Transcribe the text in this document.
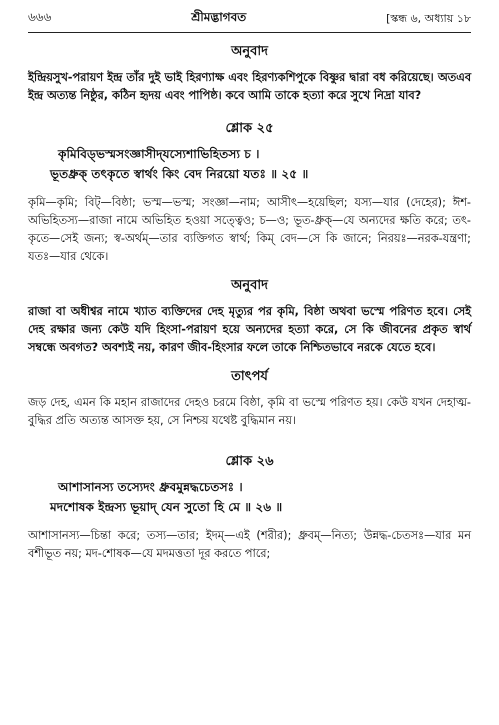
৬৬৬	শ্রীমদ্ভাগবত	[স্কন্ধ ৬, অধ্যায় ১৮
অনুবাদ

ইন্দ্রিয়সুখ-পরায়ণ ইন্দ্র তাঁর দুই ভাই হিরণ্যাক্ষ এবং হিরণ্যকশিপুকে বিষ্ণুর দ্বারা বধ করিয়েছে। অতএব ইন্দ্র অত্যন্ত নিষ্ঠুর, কঠিন হৃদয় এবং পাপিষ্ঠ। কবে আমি তাকে হত্যা করে সুখে নিদ্রা যাব?

শ্লোক ২৫
কৃমিবিড্ভস্মসংজ্ঞাসীদ্‌যস্যেশাভিহিতস্য চ ।
ভূতধ্রুক্ তৎকৃতে স্বার্থং কিং বেদ নিরয়ো যতঃ ॥ ২৫ ॥

কৃমি—কৃমি; বিট্—বিষ্ঠা; ভস্ম—ভস্ম; সংজ্ঞা—নাম; আসীৎ—হয়েছিল; যস্য—যার (দেহের); ঈশ-অভিহিতস্য—রাজা নামে অভিহিত হওয়া সত্ত্বেও; চ—ও; ভূত-ধ্রুক্—যে অন্যদের ক্ষতি করে; তৎ-কৃতে—সেই জন্য; স্ব-অর্থম্—তার ব্যক্তিগত স্বার্থ; কিম্ বেদ—সে কি জানে; নিরয়ঃ—নরক-যন্ত্রণা; যতঃ—যার থেকে।

অনুবাদ

রাজা বা অধীশ্বর নামে খ্যাত ব্যক্তিদের দেহ মৃত্যুর পর কৃমি, বিষ্ঠা অথবা ভস্মে পরিণত হবে। সেই দেহ রক্ষার জন্য কেউ যদি হিংসা-পরায়ণ হয়ে অন্যদের হত্যা করে, সে কি জীবনের প্রকৃত স্বার্থ সম্বন্ধে অবগত? অবশ্যই নয়, কারণ জীব-হিংসার ফলে তাকে নিশ্চিতভাবে নরকে যেতে হবে।

তাৎপর্য

জড় দেহ, এমন কি মহান রাজাদের দেহও চরমে বিষ্ঠা, কৃমি বা ভস্মে পরিণত হয়। কেউ যখন দেহাত্ম-বুদ্ধির প্রতি অত্যন্ত আসক্ত হয়, সে নিশ্চয় যথেষ্ট বুদ্ধিমান নয়।

শ্লোক ২৬
আশাসানস্য তস্যেদং ধ্রুবমুন্নদ্ধচেতসঃ ।
মদশোষক ইন্দ্রস্য ভূয়াদ্ যেন সুতো হি মে ॥ ২৬ ॥

আশাসানস্য—চিন্তা করে; তস্য—তার; ইদম্—এই (শরীর); ধ্রুবম্—নিত্য; উন্নদ্ধ-চেতসঃ—যার মন বশীভূত নয়; মদ-শোষক—যে মদমত্ততা দূর করতে পারে;
